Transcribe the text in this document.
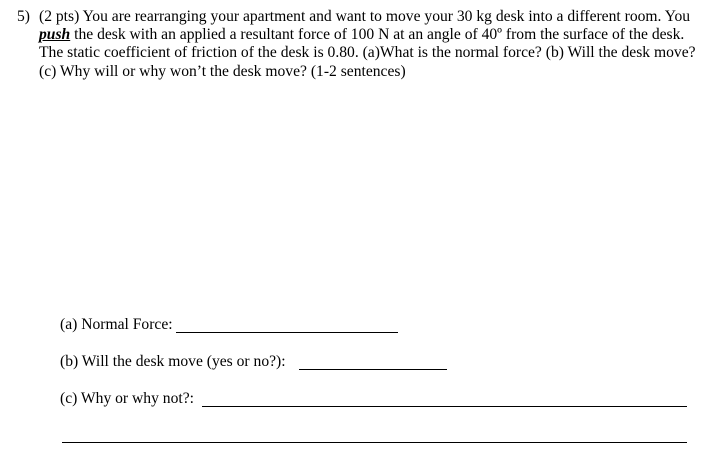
5) (2 pts) You are rearranging your apartment and want to move your 30 kg desk into a different room. You push the desk with an applied a resultant force of 100 N at an angle of 40º from the surface of the desk. The static coefficient of friction of the desk is 0.80. (a)What is the normal force? (b) Will the desk move? (c) Why will or why won’t the desk move? (1-2 sentences)
(a) Normal Force:
(b) Will the desk move (yes or no?):
(c) Why or why not?:
